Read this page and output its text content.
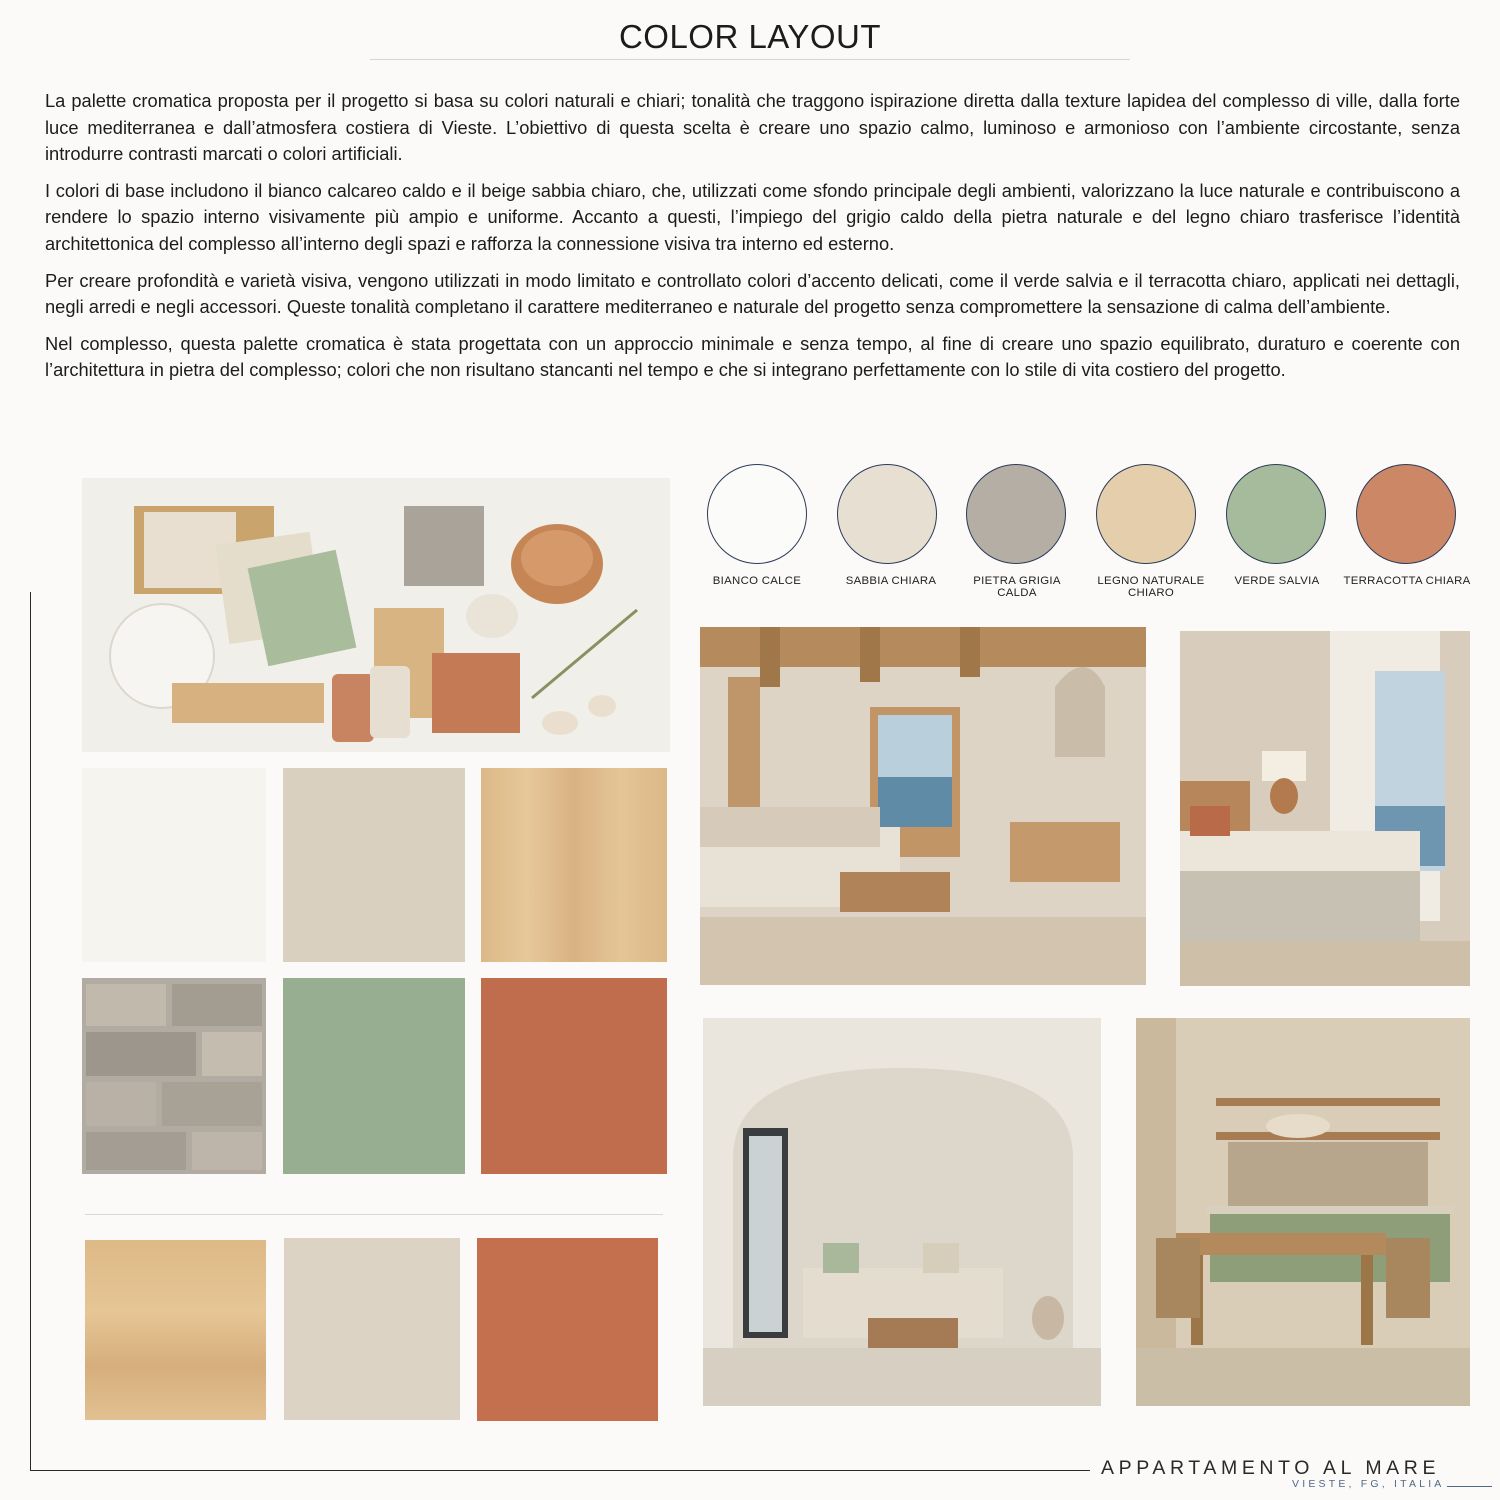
COLOR LAYOUT

La palette cromatica proposta per il progetto si basa su colori naturali e chiari; tonalità che traggono ispirazione diretta dalla texture lapidea del complesso di ville, dalla forte luce mediterranea e dall’atmosfera costiera di Vieste. L’obiettivo di questa scelta è creare uno spazio calmo, luminoso e armonioso con l’ambiente circostante, senza introdurre contrasti marcati o colori artificiali.

I colori di base includono il bianco calcareo caldo e il beige sabbia chiaro, che, utilizzati come sfondo principale degli ambienti, valorizzano la luce naturale e contribuiscono a rendere lo spazio interno visivamente più ampio e uniforme. Accanto a questi, l’impiego del grigio caldo della pietra naturale e del legno chiaro trasferisce l’identità architettonica del complesso all’interno degli spazi e rafforza la connessione visiva tra interno ed esterno.

Per creare profondità e varietà visiva, vengono utilizzati in modo limitato e controllato colori d’accento delicati, come il verde salvia e il terracotta chiaro, applicati nei dettagli, negli arredi e negli accessori. Queste tonalità completano il carattere mediterraneo e naturale del progetto senza compromettere la sensazione di calma dell’ambiente.

Nel complesso, questa palette cromatica è stata progettata con un approccio minimale e senza tempo, al fine di creare uno spazio equilibrato, duraturo e coerente con l’architettura in pietra del complesso; colori che non risultano stancanti nel tempo e che si integrano perfettamente con lo stile di vita costiero del progetto.

BIANCO CALCE	SABBIA CHIARA	PIETRA GRIGIA CALDA
LEGNO NATURALE CHIARO
VERDE SALVIA	TERRACOTTA CHIARA
APPARTAMENTO AL MARE
VIESTE, FG, ITALIA
